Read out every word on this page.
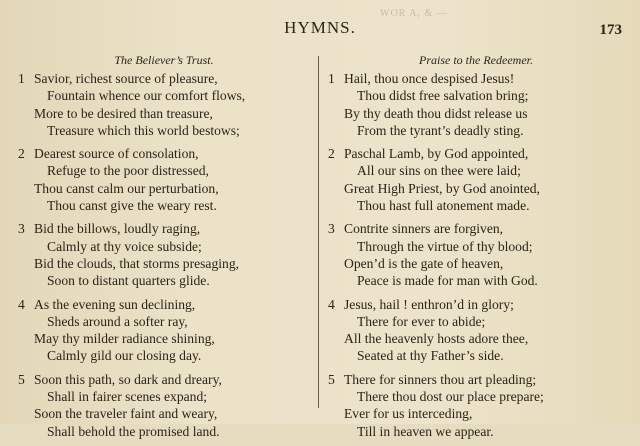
WOR A, & —
HYMNS.	173
The Believer’s Trust.
1 Savior, richest source of pleasure,
Fountain whence our comfort flows,
More to be desired than treasure,
Treasure which this world bestows;
2 Dearest source of consolation,
Refuge to the poor distressed,
Thou canst calm our perturbation,
Thou canst give the weary rest.
3 Bid the billows, loudly raging,
Calmly at thy voice subside;
Bid the clouds, that storms presaging,
Soon to distant quarters glide.
4 As the evening sun declining,
Sheds around a softer ray,
May thy milder radiance shining,
Calmly gild our closing day.
5 Soon this path, so dark and dreary,
Shall in fairer scenes expand;
Soon the traveler faint and weary,
Shall behold the promised land.
Praise to the Redeemer.
1 Hail, thou once despised Jesus!
Thou didst free salvation bring;
By thy death thou didst release us
From the tyrant’s deadly sting.
2 Paschal Lamb, by God appointed,
All our sins on thee were laid;
Great High Priest, by God anointed,
Thou hast full atonement made.
3 Contrite sinners are forgiven,
Through the virtue of thy blood;
Open’d is the gate of heaven,
Peace is made for man with God.
4 Jesus, hail ! enthron’d in glory;
There for ever to abide;
All the heavenly hosts adore thee,
Seated at thy Father’s side.
5 There for sinners thou art pleading;
There thou dost our place prepare;
Ever for us interceding,
Till in heaven we appear.
